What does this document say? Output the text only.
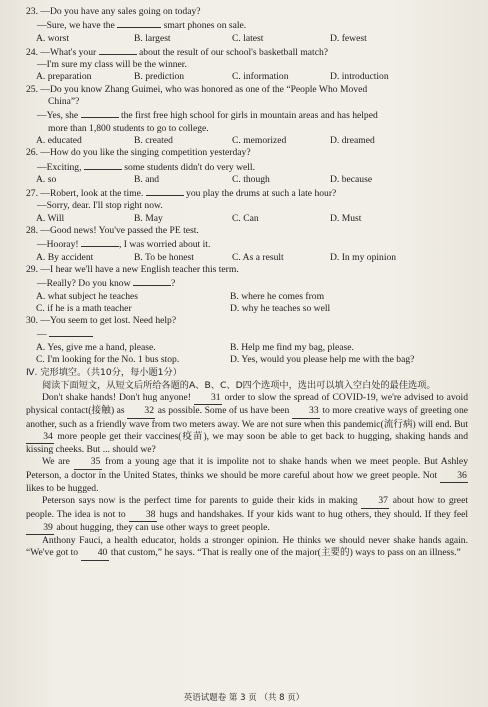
23. —Do you have any sales going on today?
—Sure, we have the	smart phones on sale.
A. worst	B. largest	C. latest	D. fewest
24. —What's your	about the result of our school's basketball match?
—I'm sure my class will be the winner.
A. preparation	B. prediction	C. information	D. introduction
25. —Do you know Zhang Guimei, who was honored as one of the “People Who Moved
China”?
—Yes, she	the first free high school for girls in mountain areas and has helped
more than 1,800 students to go to college.
A. educated	B. created	C. memorized	D. dreamed
26. —How do you like the singing competition yesterday?
—Exciting,	some students didn't do very well.
A. so	B. and	C. though	D. because
27. —Robert, look at the time.	you play the drums at such a late hour?
—Sorry, dear. I'll stop right now.
A. Will	B. May	C. Can	D. Must
28. —Good news! You've passed the PE test.
—Hooray!	, I was worried about it.
A. By accident	B. To be honest	C. As a result	D. In my opinion
29. —I hear we'll have a new English teacher this term.
—Really? Do you know	?
A. what subject he teaches	B. where he comes from
C. if he is a math teacher	D. why he teaches so well
30. —You seem to get lost. Need help?
—
A. Yes, give me a hand, please.	B. Help me find my bag, please.
C. I'm looking for the No. 1 bus stop.	D. Yes, would you please help me with the bag?
Ⅳ. 完形填空。（共10分，每小题1分）
阅读下面短文，从短文后所给各题的A、B、C、D四个选项中，选出可以填入空白处的最佳选项。

Don't shake hands! Don't hug anyone! 31 order to slow the spread of COVID-19, we're advised to avoid physical contact(接触) as 32 as possible. Some of us have been 33 to more creative ways of greeting one another, such as a friendly wave from two meters away. We are not sure when this pandemic(流行病) will end. But 34 more people get their vaccines(疫苗), we may soon be able to get back to hugging, shaking hands and kissing cheeks. But ... should we?

We are 35 from a young age that it is impolite not to shake hands when we meet people. But Ashley Peterson, a doctor in the United States, thinks we should be more careful about how we greet people. Not 36 likes to be hugged.

Peterson says now is the perfect time for parents to guide their kids in making 37 about how to greet people. The idea is not to 38 hugs and handshakes. If your kids want to hug others, they should. If they feel 39 about hugging, they can use other ways to greet people.

Anthony Fauci, a health educator, holds a stronger opinion. He thinks we should never shake hands again. “We've got to 40 that custom,” he says. “That is really one of the major(主要的) ways to pass on an illness.”

英语试题卷 第 3 页 （共 8 页）
